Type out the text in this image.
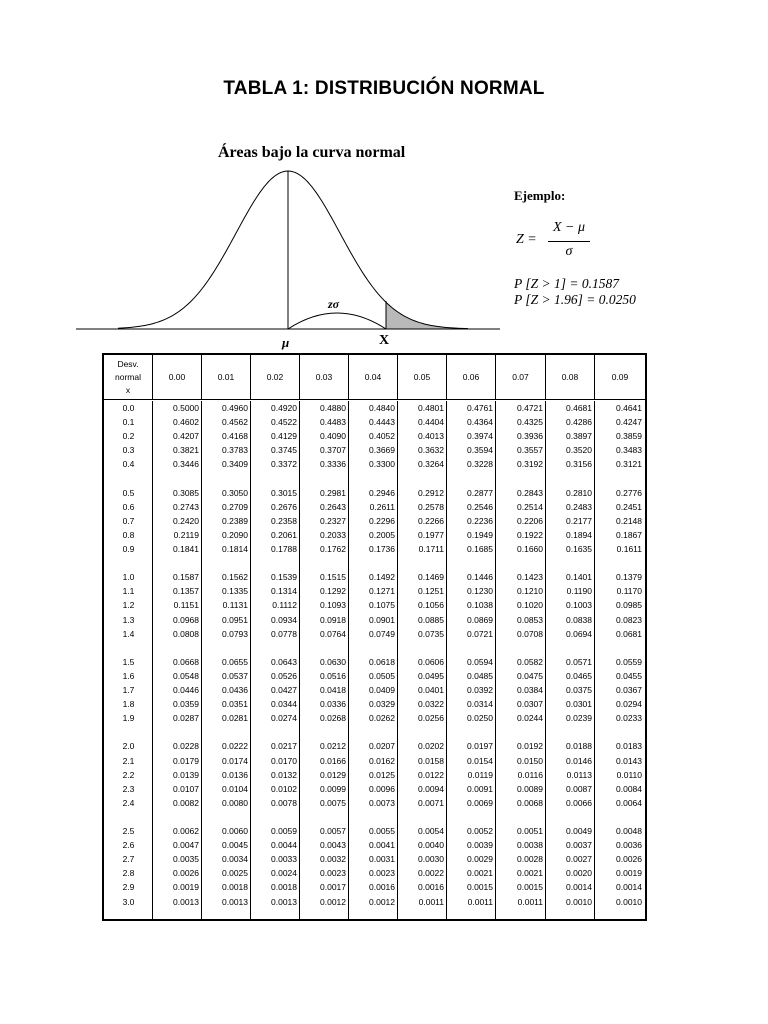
TABLA 1: DISTRIBUCIÓN NORMAL
zσ
μ	X
Áreas bajo la curva normal
Ejemplo:
Z =
X − μ
σ
P [Z > 1] = 0.1587
P [Z > 1.96] = 0.0250
Desv.
normal
x
0.00	0.01	0.02	0.03	0.04	0.05	0.06	0.07	0.08	0.09
0.0	0.5000	0.4960	0.4920	0.4880	0.4840	0.4801	0.4761	0.4721	0.4681	0.4641
0.1	0.4602	0.4562	0.4522	0.4483	0.4443	0.4404	0.4364	0.4325	0.4286	0.4247
0.2	0.4207	0.4168	0.4129	0.4090	0.4052	0.4013	0.3974	0.3936	0.3897	0.3859
0.3	0.3821	0.3783	0.3745	0.3707	0.3669	0.3632	0.3594	0.3557	0.3520	0.3483
0.4	0.3446	0.3409	0.3372	0.3336	0.3300	0.3264	0.3228	0.3192	0.3156	0.3121
0.5	0.3085	0.3050	0.3015	0.2981	0.2946	0.2912	0.2877	0.2843	0.2810	0.2776
0.6	0.2743	0.2709	0.2676	0.2643	0.2611	0.2578	0.2546	0.2514	0.2483	0.2451
0.7	0.2420	0.2389	0.2358	0.2327	0.2296	0.2266	0.2236	0.2206	0.2177	0.2148
0.8	0.2119	0.2090	0.2061	0.2033	0.2005	0.1977	0.1949	0.1922	0.1894	0.1867
0.9	0.1841	0.1814	0.1788	0.1762	0.1736	0.1711	0.1685	0.1660	0.1635	0.1611
1.0	0.1587	0.1562	0.1539	0.1515	0.1492	0.1469	0.1446	0.1423	0.1401	0.1379
1.1	0.1357	0.1335	0.1314	0.1292	0.1271	0.1251	0.1230	0.1210	0.1190	0.1170
1.2	0.1151	0.1131	0.1112	0.1093	0.1075	0.1056	0.1038	0.1020	0.1003	0.0985
1.3	0.0968	0.0951	0.0934	0.0918	0.0901	0.0885	0.0869	0.0853	0.0838	0.0823
1.4	0.0808	0.0793	0.0778	0.0764	0.0749	0.0735	0.0721	0.0708	0.0694	0.0681
1.5	0.0668	0.0655	0.0643	0.0630	0.0618	0.0606	0.0594	0.0582	0.0571	0.0559
1.6	0.0548	0.0537	0.0526	0.0516	0.0505	0.0495	0.0485	0.0475	0.0465	0.0455
1.7	0.0446	0.0436	0.0427	0.0418	0.0409	0.0401	0.0392	0.0384	0.0375	0.0367
1.8	0.0359	0.0351	0.0344	0.0336	0.0329	0.0322	0.0314	0.0307	0.0301	0.0294
1.9	0.0287	0.0281	0.0274	0.0268	0.0262	0.0256	0.0250	0.0244	0.0239	0.0233
2.0	0.0228	0.0222	0.0217	0.0212	0.0207	0.0202	0.0197	0.0192	0.0188	0.0183
2.1	0.0179	0.0174	0.0170	0.0166	0.0162	0.0158	0.0154	0.0150	0.0146	0.0143
2.2	0.0139	0.0136	0.0132	0.0129	0.0125	0.0122	0.0119	0.0116	0.0113	0.0110
2.3	0.0107	0.0104	0.0102	0.0099	0.0096	0.0094	0.0091	0.0089	0.0087	0.0084
2.4	0.0082	0.0080	0.0078	0.0075	0.0073	0.0071	0.0069	0.0068	0.0066	0.0064
2.5	0.0062	0.0060	0.0059	0.0057	0.0055	0.0054	0.0052	0.0051	0.0049	0.0048
2.6	0.0047	0.0045	0.0044	0.0043	0.0041	0.0040	0.0039	0.0038	0.0037	0.0036
2.7	0.0035	0.0034	0.0033	0.0032	0.0031	0.0030	0.0029	0.0028	0.0027	0.0026
2.8	0.0026	0.0025	0.0024	0.0023	0.0023	0.0022	0.0021	0.0021	0.0020	0.0019
2.9	0.0019	0.0018	0.0018	0.0017	0.0016	0.0016	0.0015	0.0015	0.0014	0.0014
3.0	0.0013	0.0013	0.0013	0.0012	0.0012	0.0011	0.0011	0.0011	0.0010	0.0010
